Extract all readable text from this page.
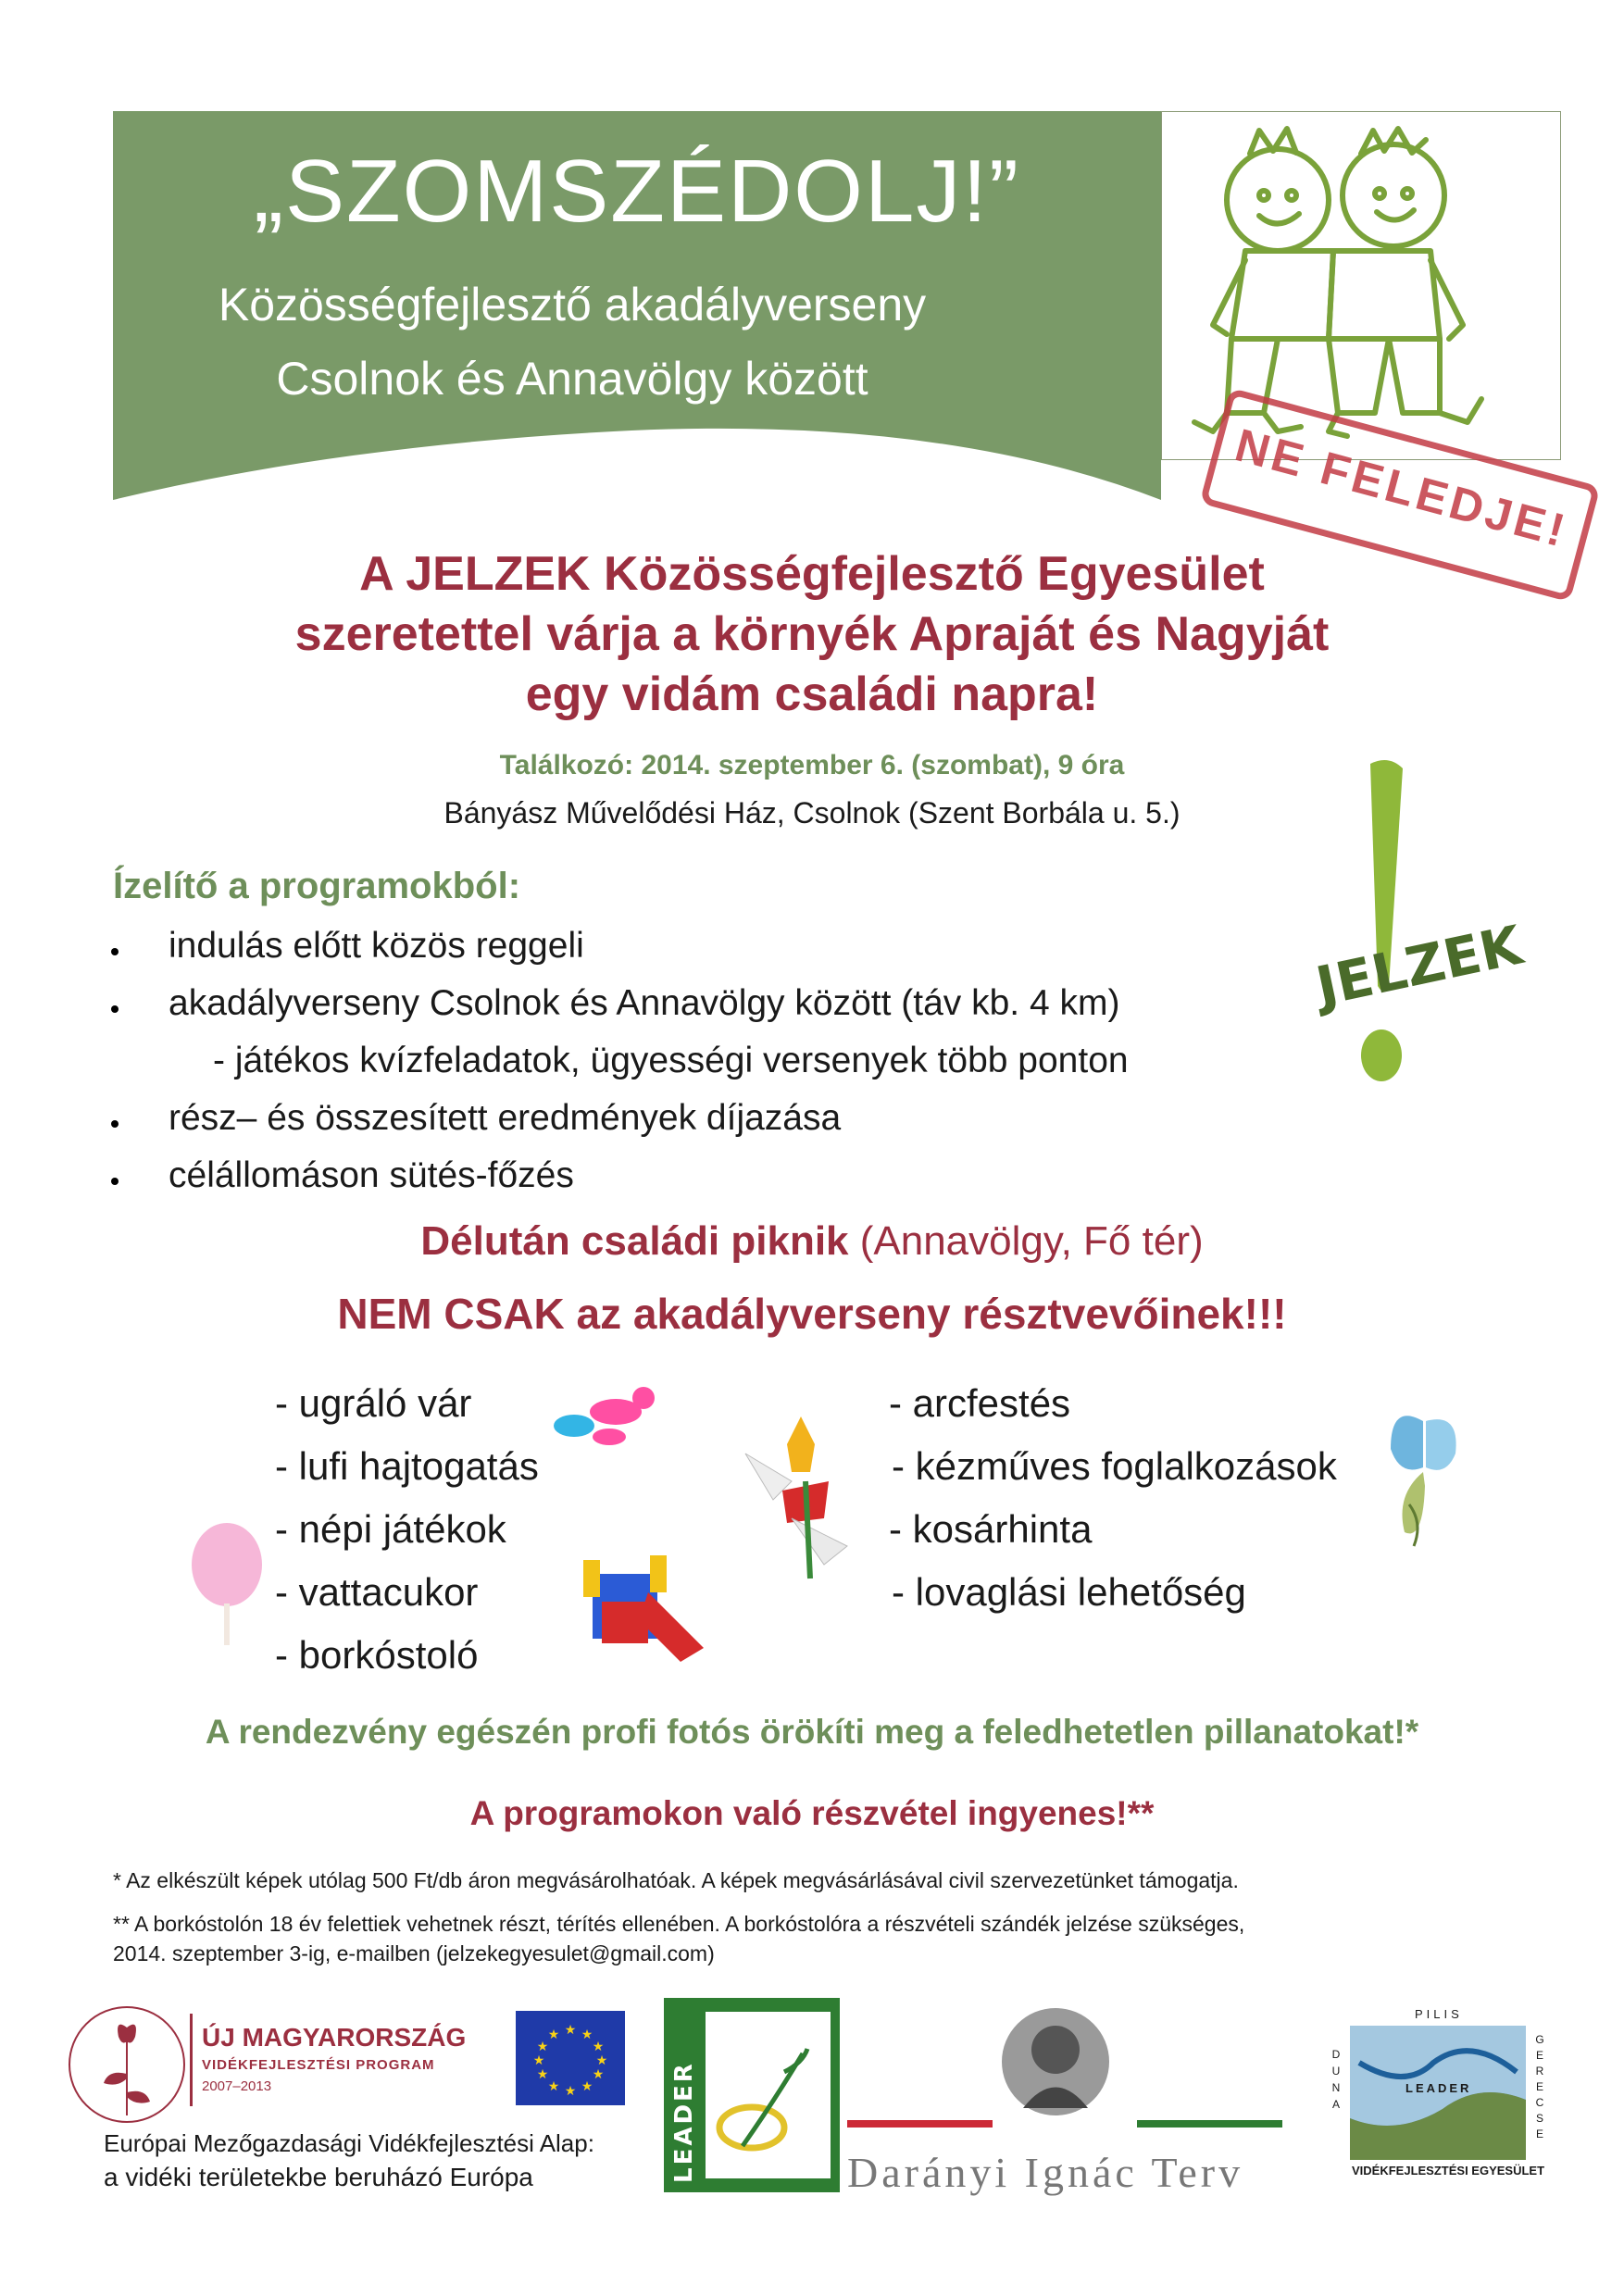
„SZOMSZÉDOLJ!”
Közösségfejlesztő akadályverseny
Csolnok és Annavölgy között
NE FELEDJE!
A JELZEK Közösségfejlesztő Egyesület
szeretettel várja a környék Apraját és Nagyját
egy vidám családi napra!
Találkozó: 2014. szeptember 6. (szombat), 9 óra
Bányász Művelődési Ház, Csolnok (Szent Borbála u. 5.)
JELZEK
Ízelítő a programokból:
indulás előtt közös reggeli
akadályverseny Csolnok és Annavölgy között (táv kb. 4 km)
- játékos kvízfeladatok, ügyességi versenyek több ponton
rész– és összesített eredmények díjazása
célállomáson sütés-főzés
Délután családi piknik (Annavölgy, Fő tér)
NEM CSAK az akadályverseny résztvevőinek!!!
- ugráló vár
- lufi hajtogatás
- népi játékok
- vattacukor
- borkóstoló
- arcfestés
- kézműves foglalkozások
- kosárhinta
- lovaglási lehetőség
A rendezvény egészén profi fotós örökíti meg a feledhetetlen pillanatokat!*
A programokon való részvétel ingyenes!**
* Az elkészült képek utólag 500 Ft/db áron megvásárolhatóak. A képek megvásárlásával civil szervezetünket támogatja.
** A borkóstolón 18 év felettiek vehetnek részt, térítés ellenében. A borkóstolóra a részvételi szándék jelzése szükséges,
2014. szeptember 3-ig, e-mailben (jelzekegyesulet@gmail.com)
ÚJ MAGYARORSZÁG
VIDÉKFEJLESZTÉSI PROGRAM
2007–2013
★ ★
★
★
★
★
★
★
★
★
★
★
Európai Mezőgazdasági Vidékfejlesztési Alap:
a vidéki területekbe beruházó Európa	LEADER	Darányi Ignác Terv
PILIS
LEADER
DUNA
GERECSE
VIDÉKFEJLESZTÉSI EGYESÜLET
